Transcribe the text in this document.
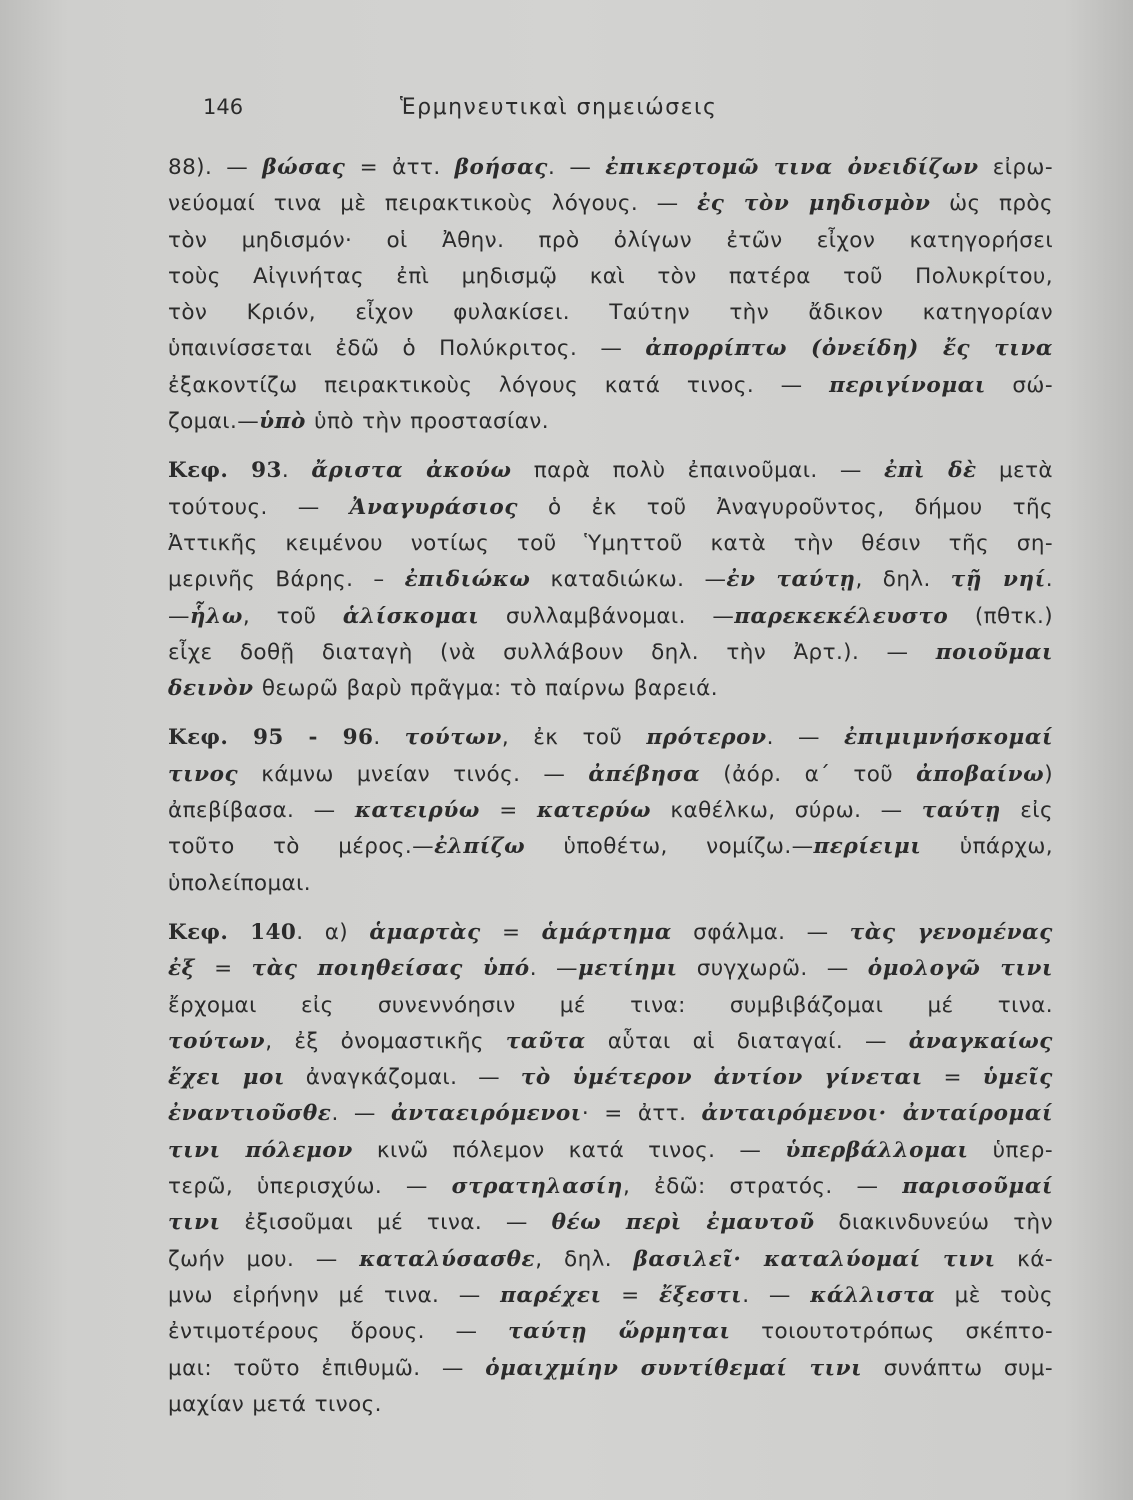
146	Ἑρμηνευτικαὶ σημειώσεις
88). — βώσας = ἀττ. βοήσας. — ἐπικερτομῶ τινα ὀνειδίζων εἰρω-
νεύομαί τινα μὲ πειρακτικοὺς λόγους. — ἐς τὸν μηδισμὸν ὡς πρὸς
τὸν μηδισμόν· οἱ Ἀθην. πρὸ ὀλίγων ἐτῶν εἶχον κατηγορήσει
τοὺς Αἰγινήτας ἐπὶ μηδισμῷ καὶ τὸν πατέρα τοῦ Πολυκρίτου,
τὸν Κριόν, εἶχον φυλακίσει. Ταύτην τὴν ἄδικον κατηγορίαν
ὑπαινίσσεται ἐδῶ ὁ Πολύκριτος. — ἀπορρίπτω (ὀνείδη) ἔς τινα
ἐξακοντίζω πειρακτικοὺς λόγους κατά τινος. — περιγίνομαι σώ-
ζομαι.—ὑπὸ ὑπὸ τὴν προστασίαν.
Κεφ. 93. ἄριστα ἀκούω παρὰ πολὺ ἐπαινοῦμαι. — ἐπὶ δὲ μετὰ
τούτους. — Ἀναγυράσιος ὁ ἐκ τοῦ Ἀναγυροῦντος, δήμου τῆς
Ἀττικῆς κειμένου νοτίως τοῦ Ὑμηττοῦ κατὰ τὴν θέσιν τῆς ση-
μερινῆς Βάρης. – ἐπιδιώκω καταδιώκω. —ἐν ταύτῃ, δηλ. τῇ νηί.
—ἧλω, τοῦ ἁλίσκομαι συλλαμβάνομαι. —παρεκεκέλευστο (πθτκ.)
εἶχε δοθῇ διαταγὴ (νὰ συλλάβουν δηλ. τὴν Ἀρτ.). — ποιοῦμαι
δεινὸν θεωρῶ βαρὺ πρᾶγμα: τὸ παίρνω βαρειά.
Κεφ. 95 - 96. τούτων, ἐκ τοῦ πρότερον. — ἐπιμιμνήσκομαί
τινος κάμνω μνείαν τινός. — ἀπέβησα (ἀόρ. α΄ τοῦ ἀποβαίνω)
ἀπεβίβασα. — κατειρύω = κατερύω καθέλκω, σύρω. — ταύτῃ εἰς
τοῦτο τὸ μέρος.—ἐλπίζω ὑποθέτω, νομίζω.—περίειμι ὑπάρχω,
ὑπολείπομαι.
Κεφ. 140. α) ἁμαρτὰς = ἁμάρτημα σφάλμα. — τὰς γενομένας
ἐξ = τὰς ποιηθείσας ὑπό. —μετίημι συγχωρῶ. — ὁμολογῶ τινι
ἔρχομαι εἰς συνεννόησιν μέ τινα: συμβιβάζομαι μέ τινα.
τούτων, ἐξ ὀνομαστικῆς ταῦτα αὗται αἱ διαταγαί. — ἀναγκαίως
ἔχει μοι ἀναγκάζομαι. — τὸ ὑμέτερον ἀντίον γίνεται = ὑμεῖς
ἐναντιοῦσθε. — ἀνταειρόμενοι· = ἀττ. ἀνταιρόμενοι· ἀνταίρομαί
τινι πόλεμον κινῶ πόλεμον κατά τινος. — ὑπερβάλλομαι ὑπερ-
τερῶ, ὑπερισχύω. — στρατηλασίη, ἐδῶ: στρατός. — παρισοῦμαί
τινι ἐξισοῦμαι μέ τινα. — θέω περὶ ἐμαυτοῦ διακινδυνεύω τὴν
ζωήν μου. — καταλύσασθε, δηλ. βασιλεῖ· καταλύομαί τινι κά-
μνω εἰρήνην μέ τινα. — παρέχει = ἔξεστι. — κάλλιστα μὲ τοὺς
ἐντιμοτέρους ὅρους. — ταύτῃ ὥρμηται τοιουτοτρόπως σκέπτο-
μαι: τοῦτο ἐπιθυμῶ. — ὁμαιχμίην συντίθεμαί τινι συνάπτω συμ-
μαχίαν μετά τινος.
